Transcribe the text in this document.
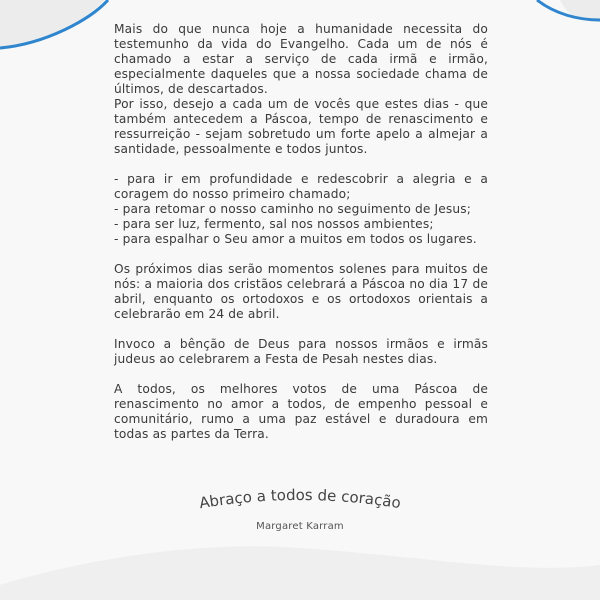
Mais do que nunca hoje a humanidade necessita do testemunho da vida do Evangelho. Cada um de nós é chamado a estar a serviço de cada irmã e irmão, especialmente daqueles que a nossa sociedade chama de últimos, de descartados.

Por isso, desejo a cada um de vocês que estes dias - que também antecedem a Páscoa, tempo de renascimento e ressurreição - sejam sobretudo um forte apelo a almejar a santidade, pessoalmente e todos juntos.

- para ir em profundidade e redescobrir a alegria e a coragem do nosso primeiro chamado;

- para retomar o nosso caminho no seguimento de Jesus;

- para ser luz, fermento, sal nos nossos ambientes;

- para espalhar o Seu amor a muitos em todos os lugares.

Os próximos dias serão momentos solenes para muitos de nós: a maioria dos cristãos celebrará a Páscoa no dia 17 de abril, enquanto os ortodoxos e os ortodoxos orientais a celebrarão em 24 de abril.

Invoco a bênção de Deus para nossos irmãos e irmãs judeus ao celebrarem a Festa de Pesah nestes dias.

A todos, os melhores votos de uma Páscoa de renascimento no amor a todos, de empenho pessoal e comunitário, rumo a uma paz estável e duradoura em todas as partes da Terra.

Abraço a todos de coração
Margaret Karram
